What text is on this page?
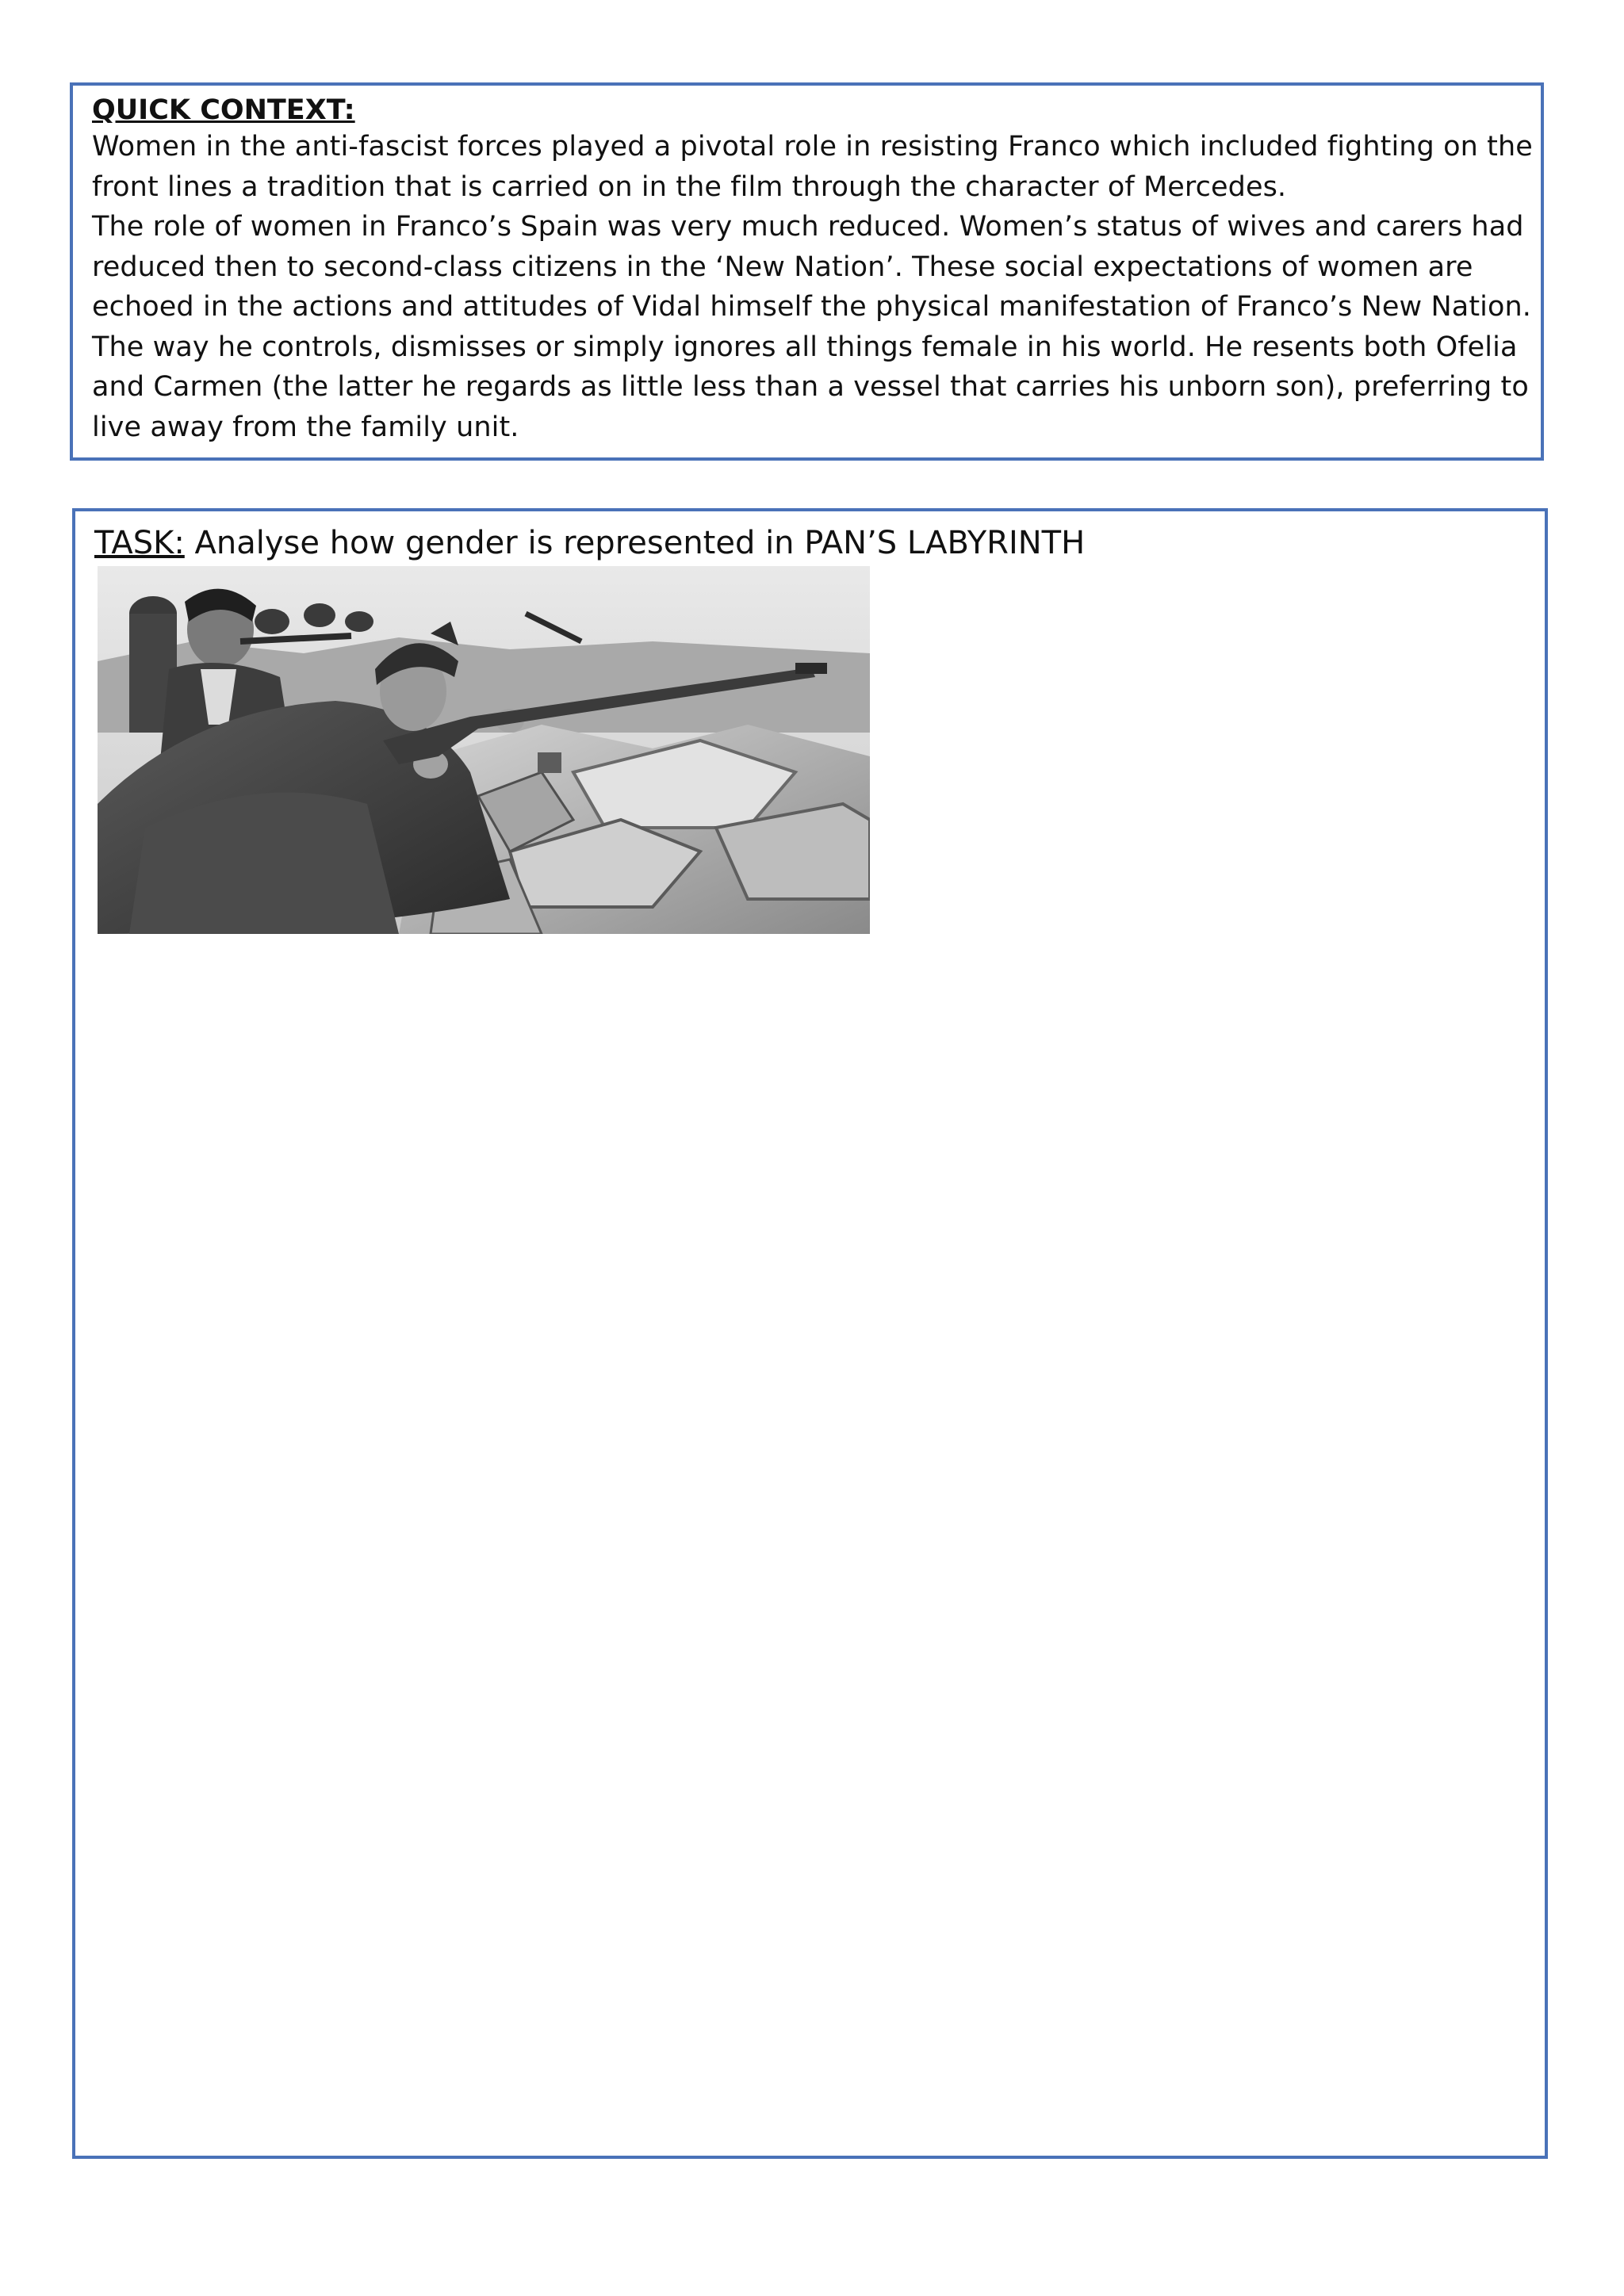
QUICK CONTEXT:

Women in the anti-fascist forces played a pivotal role in resisting Franco which included fighting on the

front lines a tradition that is carried on in the film through the character of Mercedes.

The role of women in Franco’s Spain was very much reduced. Women’s status of wives and carers had

reduced then to second-class citizens in the ‘New Nation’. These social expectations of women are

echoed in the actions and attitudes of Vidal himself the physical manifestation of Franco’s New Nation.

The way he controls, dismisses or simply ignores all things female in his world. He resents both Ofelia

and Carmen (the latter he regards as little less than a vessel that carries his unborn son), preferring to

live away from the family unit.

TASK: Analyse how gender is represented in PAN’S LABYRINTH
